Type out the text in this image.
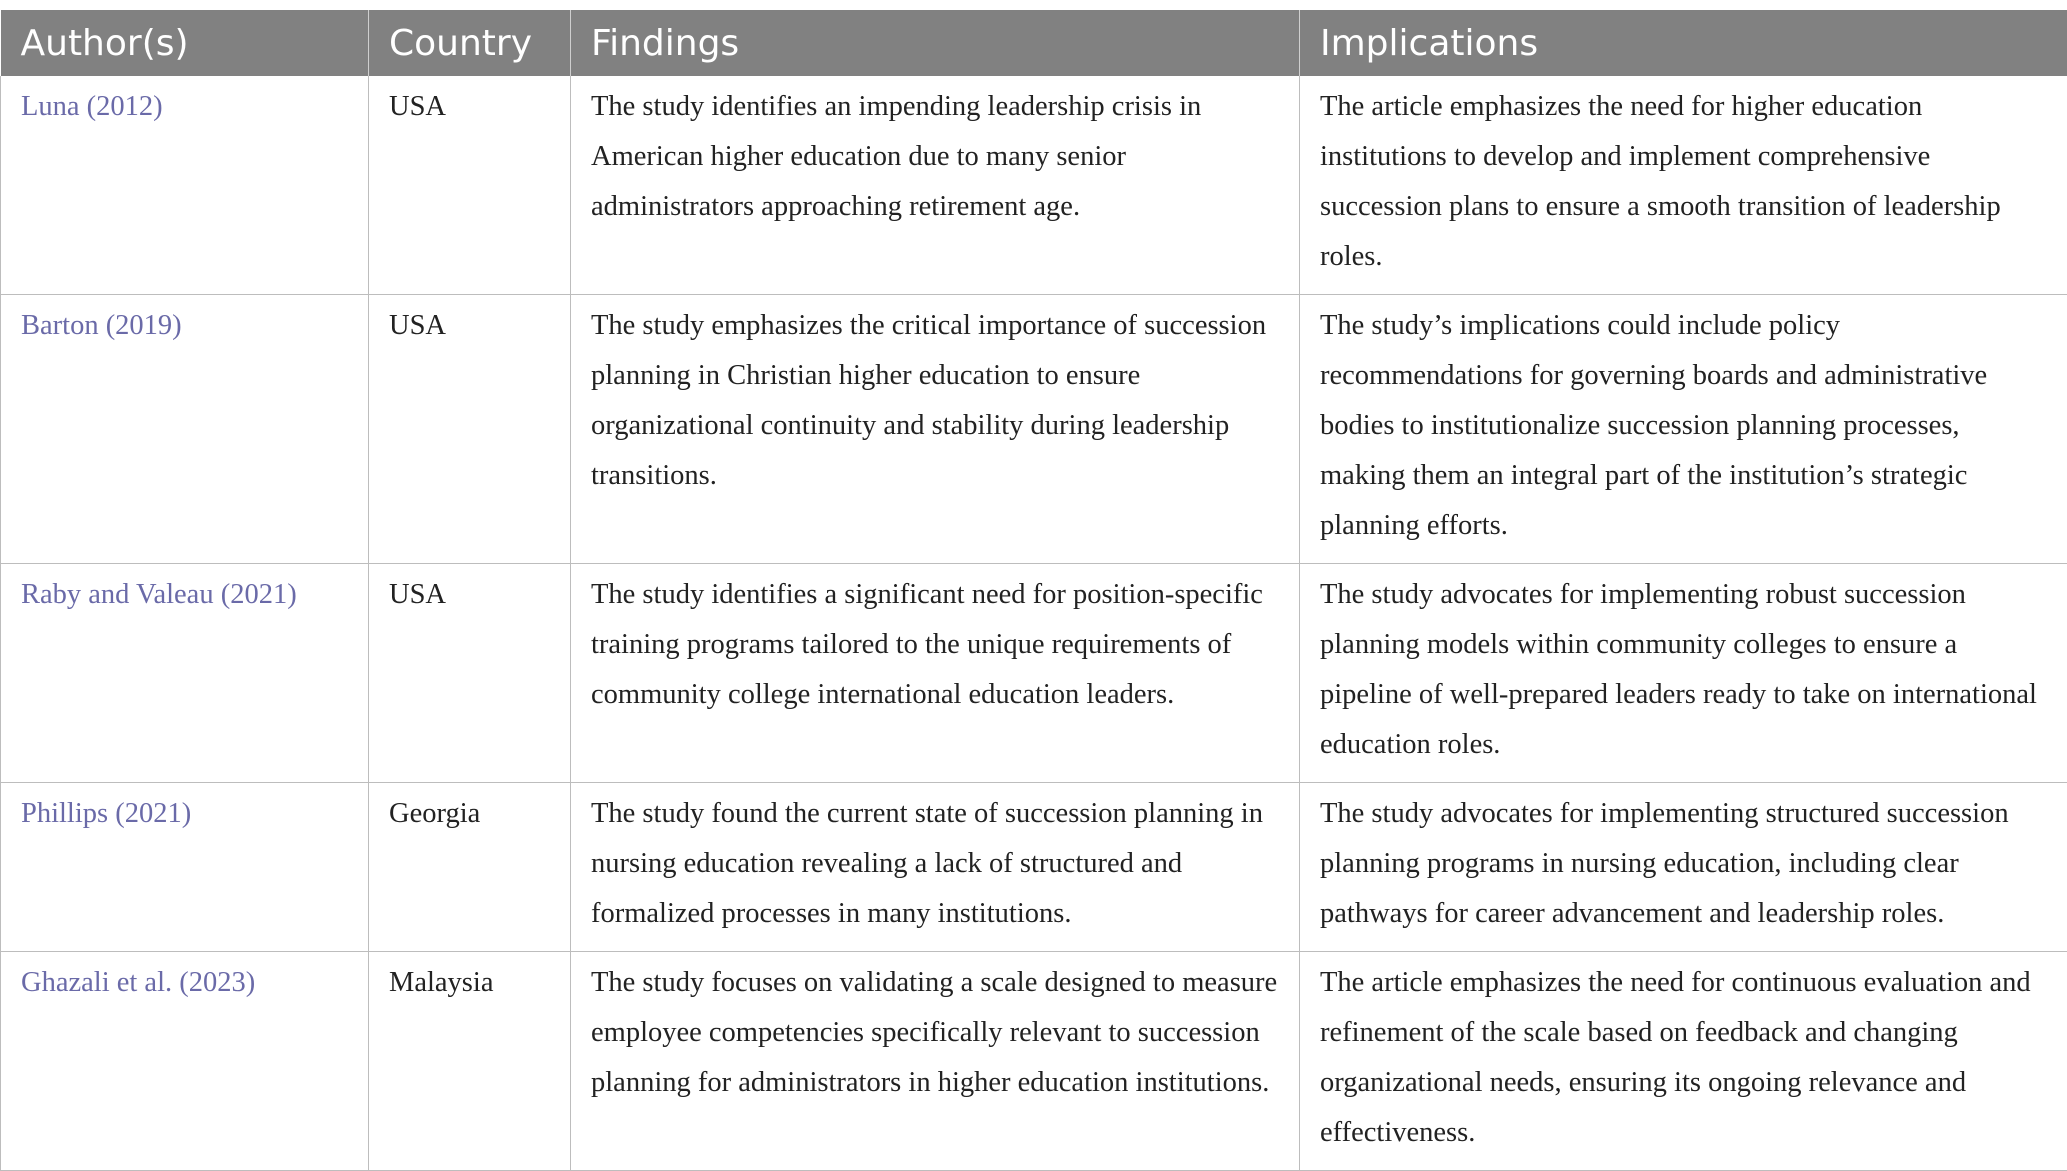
Author(s)	Country	Findings	Implications
Luna (2012)	USA	The study identifies an impending leadership crisis in American higher education due to many senior administrators approaching retirement age.	The article emphasizes the need for higher education institutions to develop and implement comprehensive succession plans to ensure a smooth transition of leadership roles.
Barton (2019)	USA	The study emphasizes the critical importance of succession planning in Christian higher education to ensure organizational continuity and stability during leadership transitions.	The study’s implications could include policy recommendations for governing boards and administrative bodies to institutionalize succession planning processes, making them an integral part of the institution’s strategic planning efforts.
Raby and Valeau (2021)	USA	The study identifies a significant need for position-specific training programs tailored to the unique requirements of community college international education leaders.	The study advocates for implementing robust succession planning models within community colleges to ensure a pipeline of well-prepared leaders ready to take on international education roles.
Phillips (2021)	Georgia	The study found the current state of succession planning in nursing education revealing a lack of structured and formalized processes in many institutions.	The study advocates for implementing structured succession planning programs in nursing education, including clear pathways for career advancement and leadership roles.
Ghazali et al. (2023)	Malaysia	The study focuses on validating a scale designed to measure employee competencies specifically relevant to succession planning for administrators in higher education institutions.	The article emphasizes the need for continuous evaluation and refinement of the scale based on feedback and changing organizational needs, ensuring its ongoing relevance and effectiveness.
